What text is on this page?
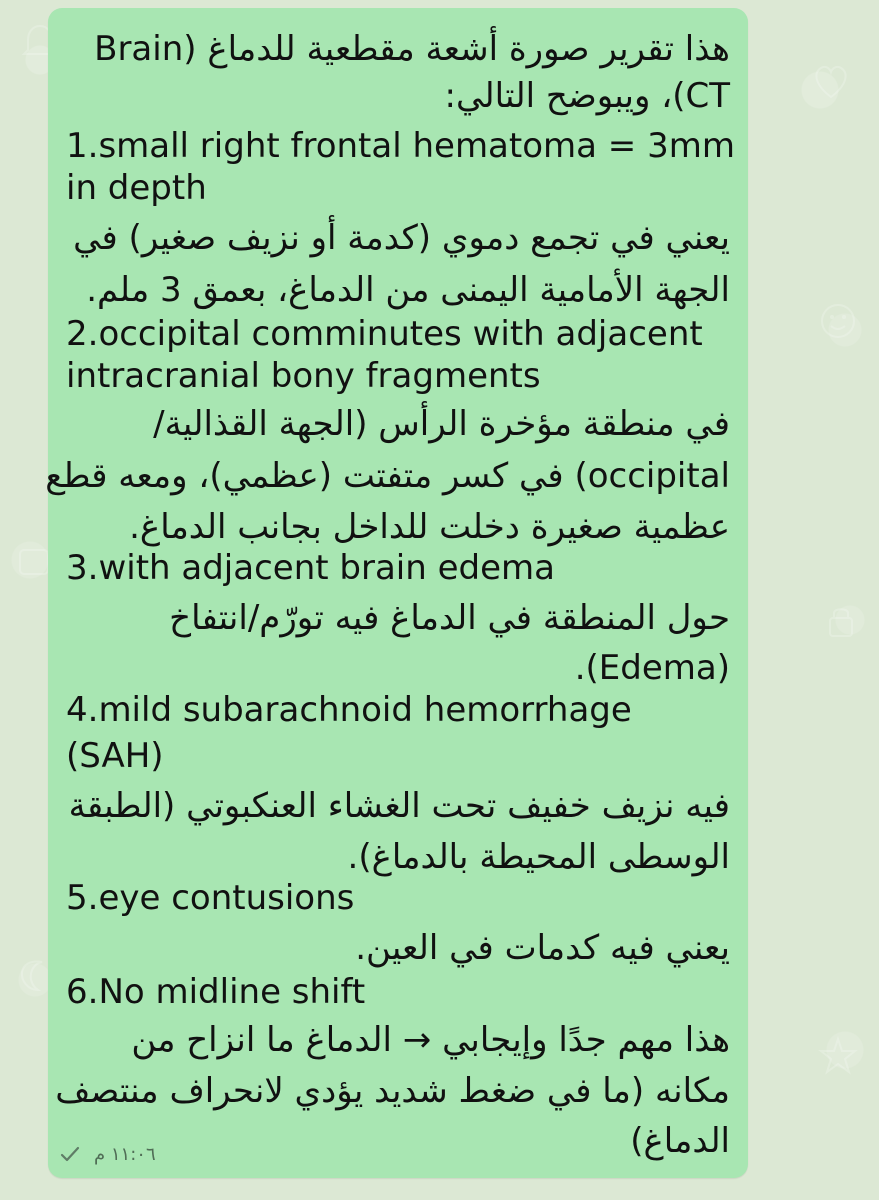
هذا تقرير صورة أشعة مقطعية للدماغ (Brain
CT)، ويبوضح التالي:
1.small right frontal hematoma = 3mm
in depth
يعني في تجمع دموي (كدمة أو نزيف صغير) في
الجهة الأمامية اليمنى من الدماغ، بعمق 3 ملم.
2.occipital comminutes with adjacent
intracranial bony fragments
في منطقة مؤخرة الرأس (الجهة القذالية/
occipital) في كسر متفتت (عظمي)، ومعه قطع
عظمية صغيرة دخلت للداخل بجانب الدماغ.
3.with adjacent brain edema
حول المنطقة في الدماغ فيه تورّم/انتفاخ
(Edema).
4.mild subarachnoid hemorrhage
(SAH)
فيه نزيف خفيف تحت الغشاء العنكبوتي (الطبقة
الوسطى المحيطة بالدماغ).
5.eye contusions
يعني فيه كدمات في العين.
6.No midline shift
هذا مهم جدًا وإيجابي → الدماغ ما انزاح من
مكانه (ما في ضغط شديد يؤدي لانحراف منتصف
الدماغ)
١١:٠٦ م
